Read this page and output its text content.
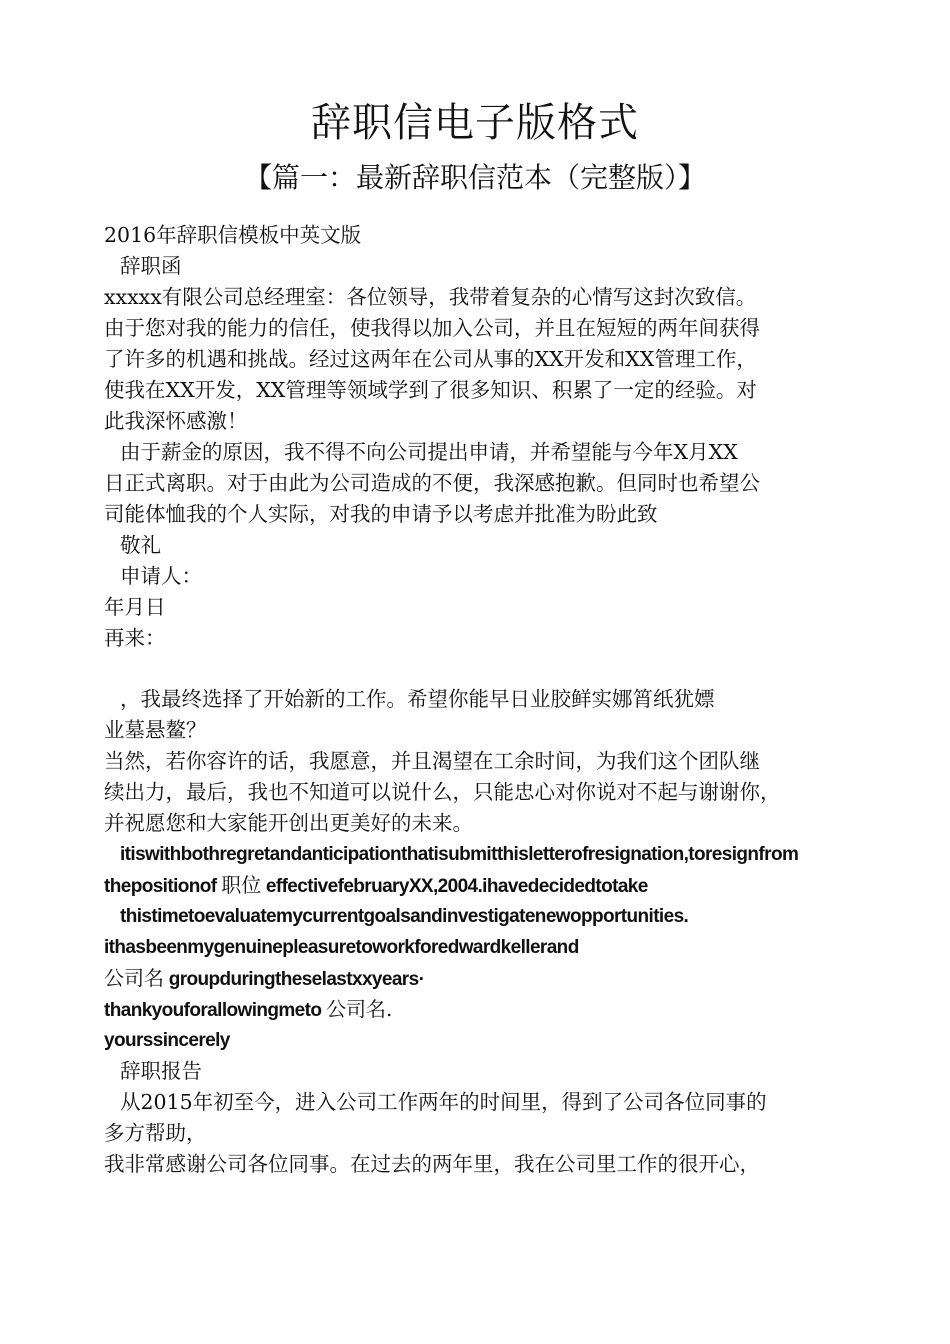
辞职信电子版格式
【篇一：最新辞职信范本（完整版）】
2016年辞职信模板中英文版
辞职函
xxxxx有限公司总经理室：各位领导，我带着复杂的心情写这封次致信。
由于您对我的能力的信任，使我得以加入公司，并且在短短的两年间获得
了许多的机遇和挑战。经过这两年在公司从事的XX开发和XX管理工作，
使我在XX开发，XX管理等领域学到了很多知识、积累了一定的经验。对
此我深怀感激！
由于薪金的原因，我不得不向公司提出申请，并希望能与今年X月XX
日正式离职。对于由此为公司造成的不便，我深感抱歉。但同时也希望公
司能体恤我的个人实际，对我的申请予以考虑并批准为盼此致
敬礼
申请人：
年月日
再来：
，我最终选择了开始新的工作。希望你能早日业胶鲜实娜筲纸犹嫖
业墓悬鳌？
当然，若你容许的话，我愿意，并且渴望在工余时间，为我们这个团队继
续出力，最后，我也不知道可以说什么，只能忠心对你说对不起与谢谢你，
并祝愿您和大家能开创出更美好的未来。
itiswithbothregretandanticipationthatisubmitthisletterofresignation,toresignfrom
thepositionof 职位 effectivefebruaryXX,2004.ihavedecidedtotake
thistimetoevaluatemycurrentgoalsandinvestigatenewopportunities.
ithasbeenmygenuinepleasuretoworkforedwardkellerand
公司名 groupduringtheselastxxyears·
thankyouforallowingmeto 公司名.
yourssincerely
辞职报告
从2015年初至今，进入公司工作两年的时间里，得到了公司各位同事的
多方帮助，
我非常感谢公司各位同事。在过去的两年里，我在公司里工作的很开心，
